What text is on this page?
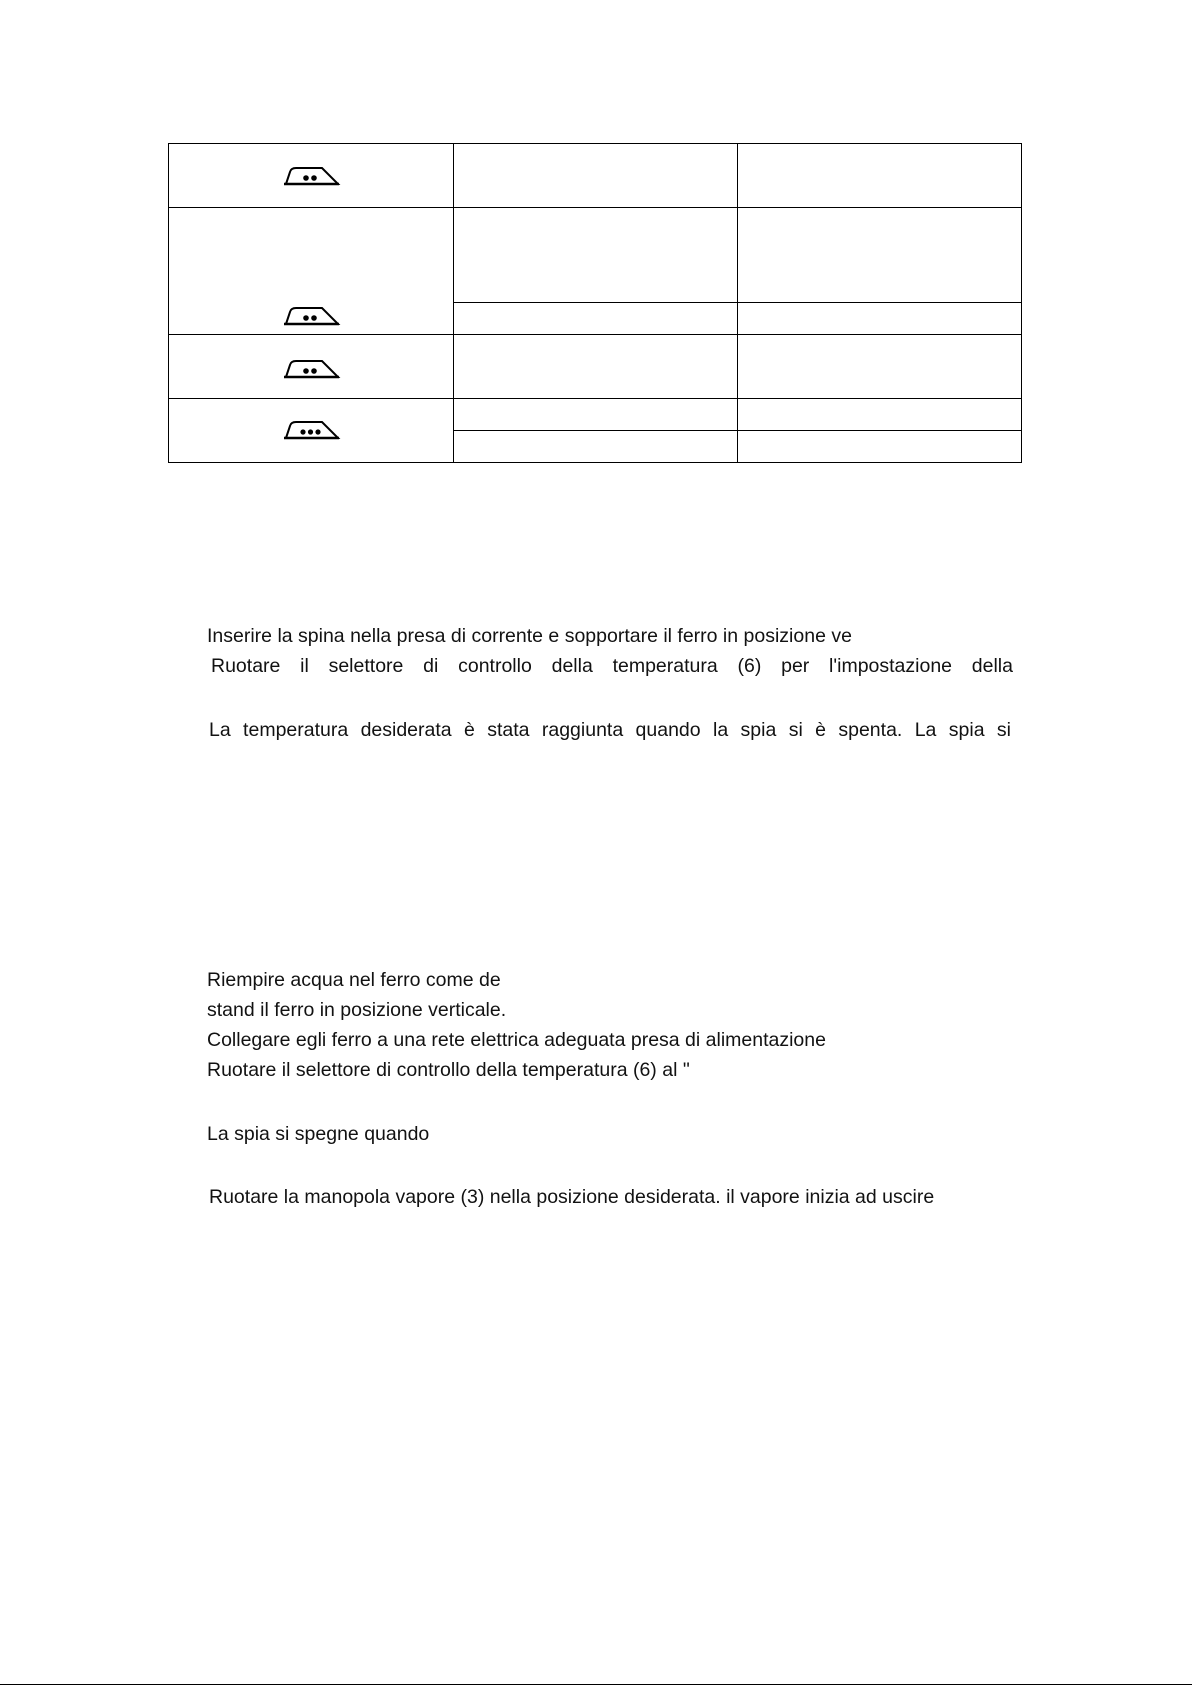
Inserire la spina nella presa di corrente e sopportare il ferro in posizione ve
Ruotare il selettore di controllo della temperatura (6) per l'impostazione della
La temperatura desiderata è stata raggiunta quando la spia si è spenta. La spia si
Riempire acqua nel ferro come de
stand il ferro in posizione verticale.
Collegare egli ferro a una rete elettrica adeguata presa di alimentazione
Ruotare il selettore di controllo della temperatura (6) al "
La spia si spegne quando
Ruotare la manopola vapore (3) nella posizione desiderata. il vapore inizia ad uscire
